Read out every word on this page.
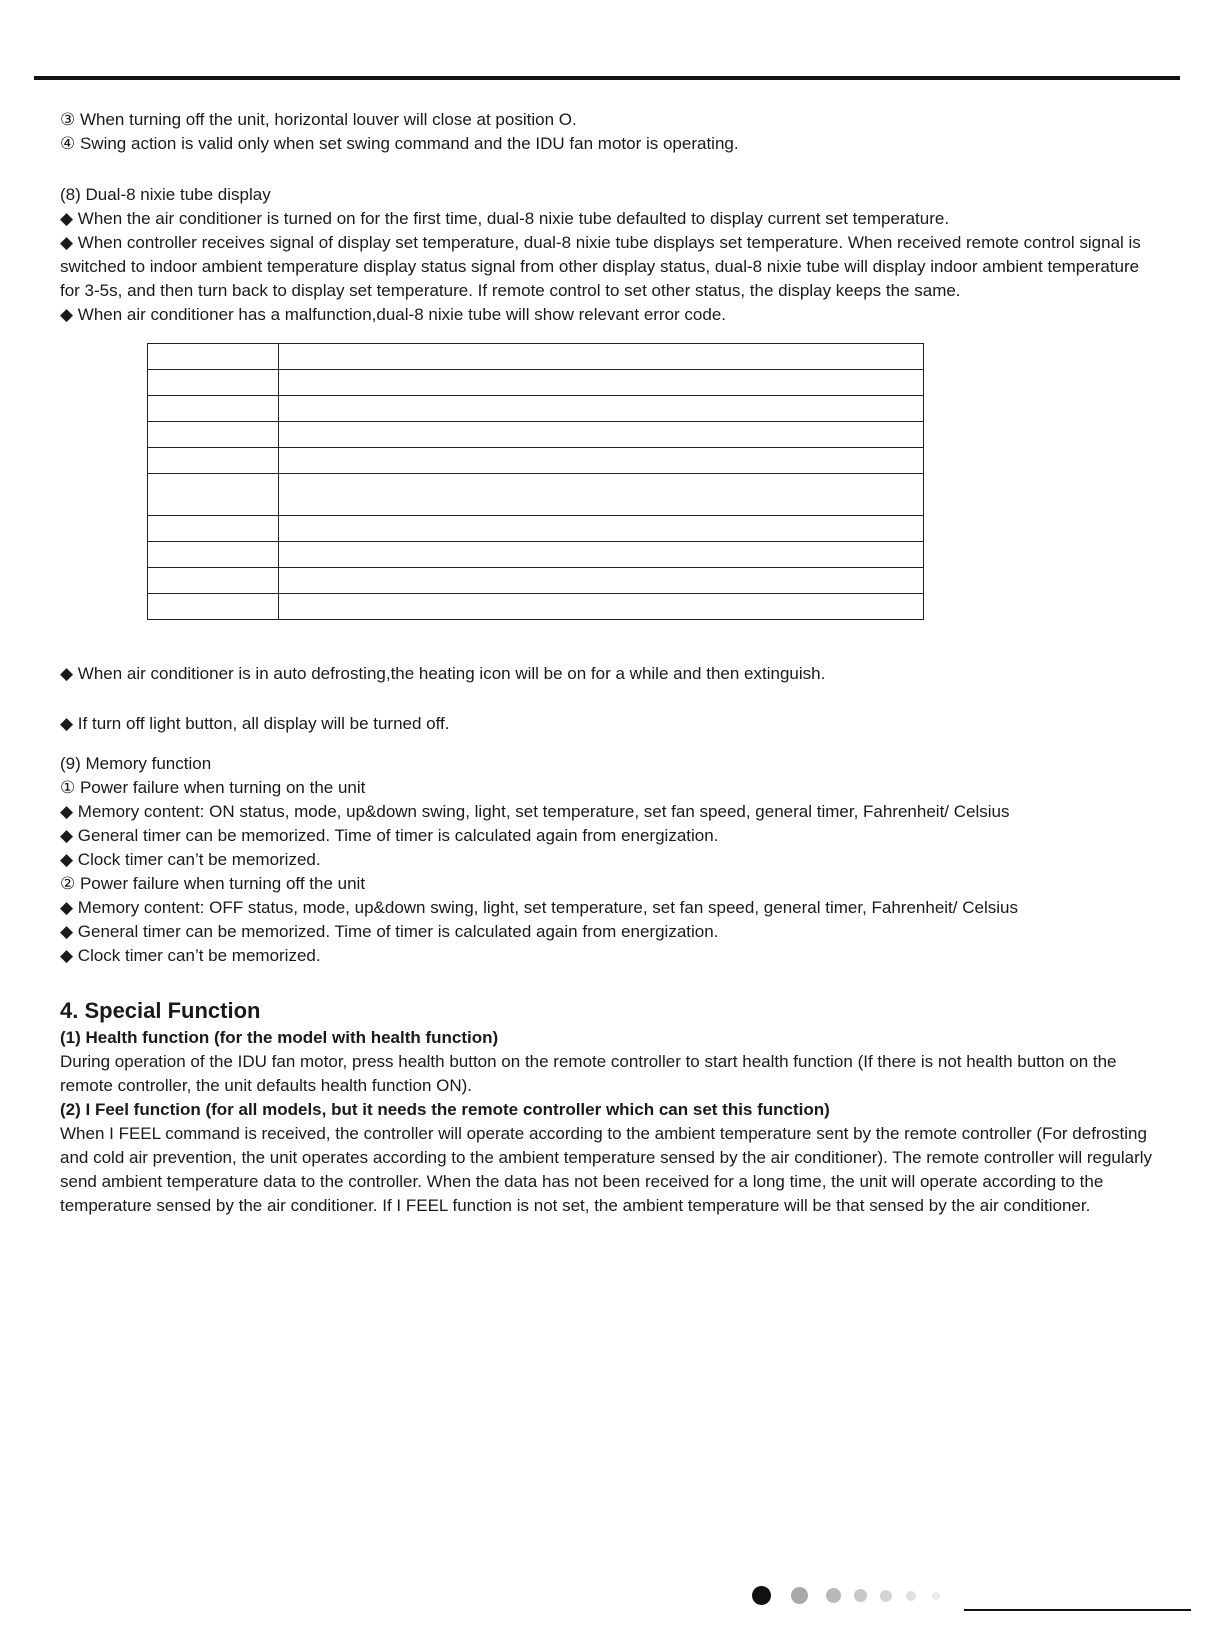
③ When turning off the unit, horizontal louver will close at position O.

④ Swing action is valid only when set swing command and the IDU fan motor is operating.

(8) Dual-8 nixie tube display

◆ When the air conditioner is turned on for the first time, dual-8 nixie tube defaulted to display current set temperature.

◆ When controller receives signal of display set temperature, dual-8 nixie tube displays set temperature. When received remote control signal is switched to indoor ambient temperature display status signal from other display status, dual-8 nixie tube will display indoor ambient temperature for 3-5s, and then turn back to display set temperature. If remote control to set other status, the display keeps the same.

◆ When air conditioner has a malfunction,dual-8 nixie tube will show relevant error code.

◆ When air conditioner is in auto defrosting,the heating icon will be on for a while and then extinguish.

◆ If turn off light button, all display will be turned off.

(9) Memory function

① Power failure when turning on the unit

◆ Memory content: ON status, mode, up&down swing, light, set temperature, set fan speed, general timer, Fahrenheit/ Celsius

◆ General timer can be memorized. Time of timer is calculated again from energization.

◆ Clock timer can’t be memorized.

② Power failure when turning off the unit

◆ Memory content: OFF status, mode, up&down swing, light, set temperature, set fan speed, general timer, Fahrenheit/ Celsius

◆ General timer can be memorized. Time of timer is calculated again from energization.

◆ Clock timer can’t be memorized.

4. Special Function

(1) Health function (for the model with health function)

During operation of the IDU fan motor, press health button on the remote controller to start health function (If there is not health button on the remote controller, the unit defaults health function ON).

(2) I Feel function (for all models, but it needs the remote controller which can set this function)

When I FEEL command is received, the controller will operate according to the ambient temperature sent by the remote controller (For defrosting and cold air prevention, the unit operates according to the ambient temperature sensed by the air conditioner). The remote controller will regularly send ambient temperature data to the controller. When the data has not been received for a long time, the unit will operate according to the temperature sensed by the air conditioner. If I FEEL function is not set, the ambient temperature will be that sensed by the air conditioner.
